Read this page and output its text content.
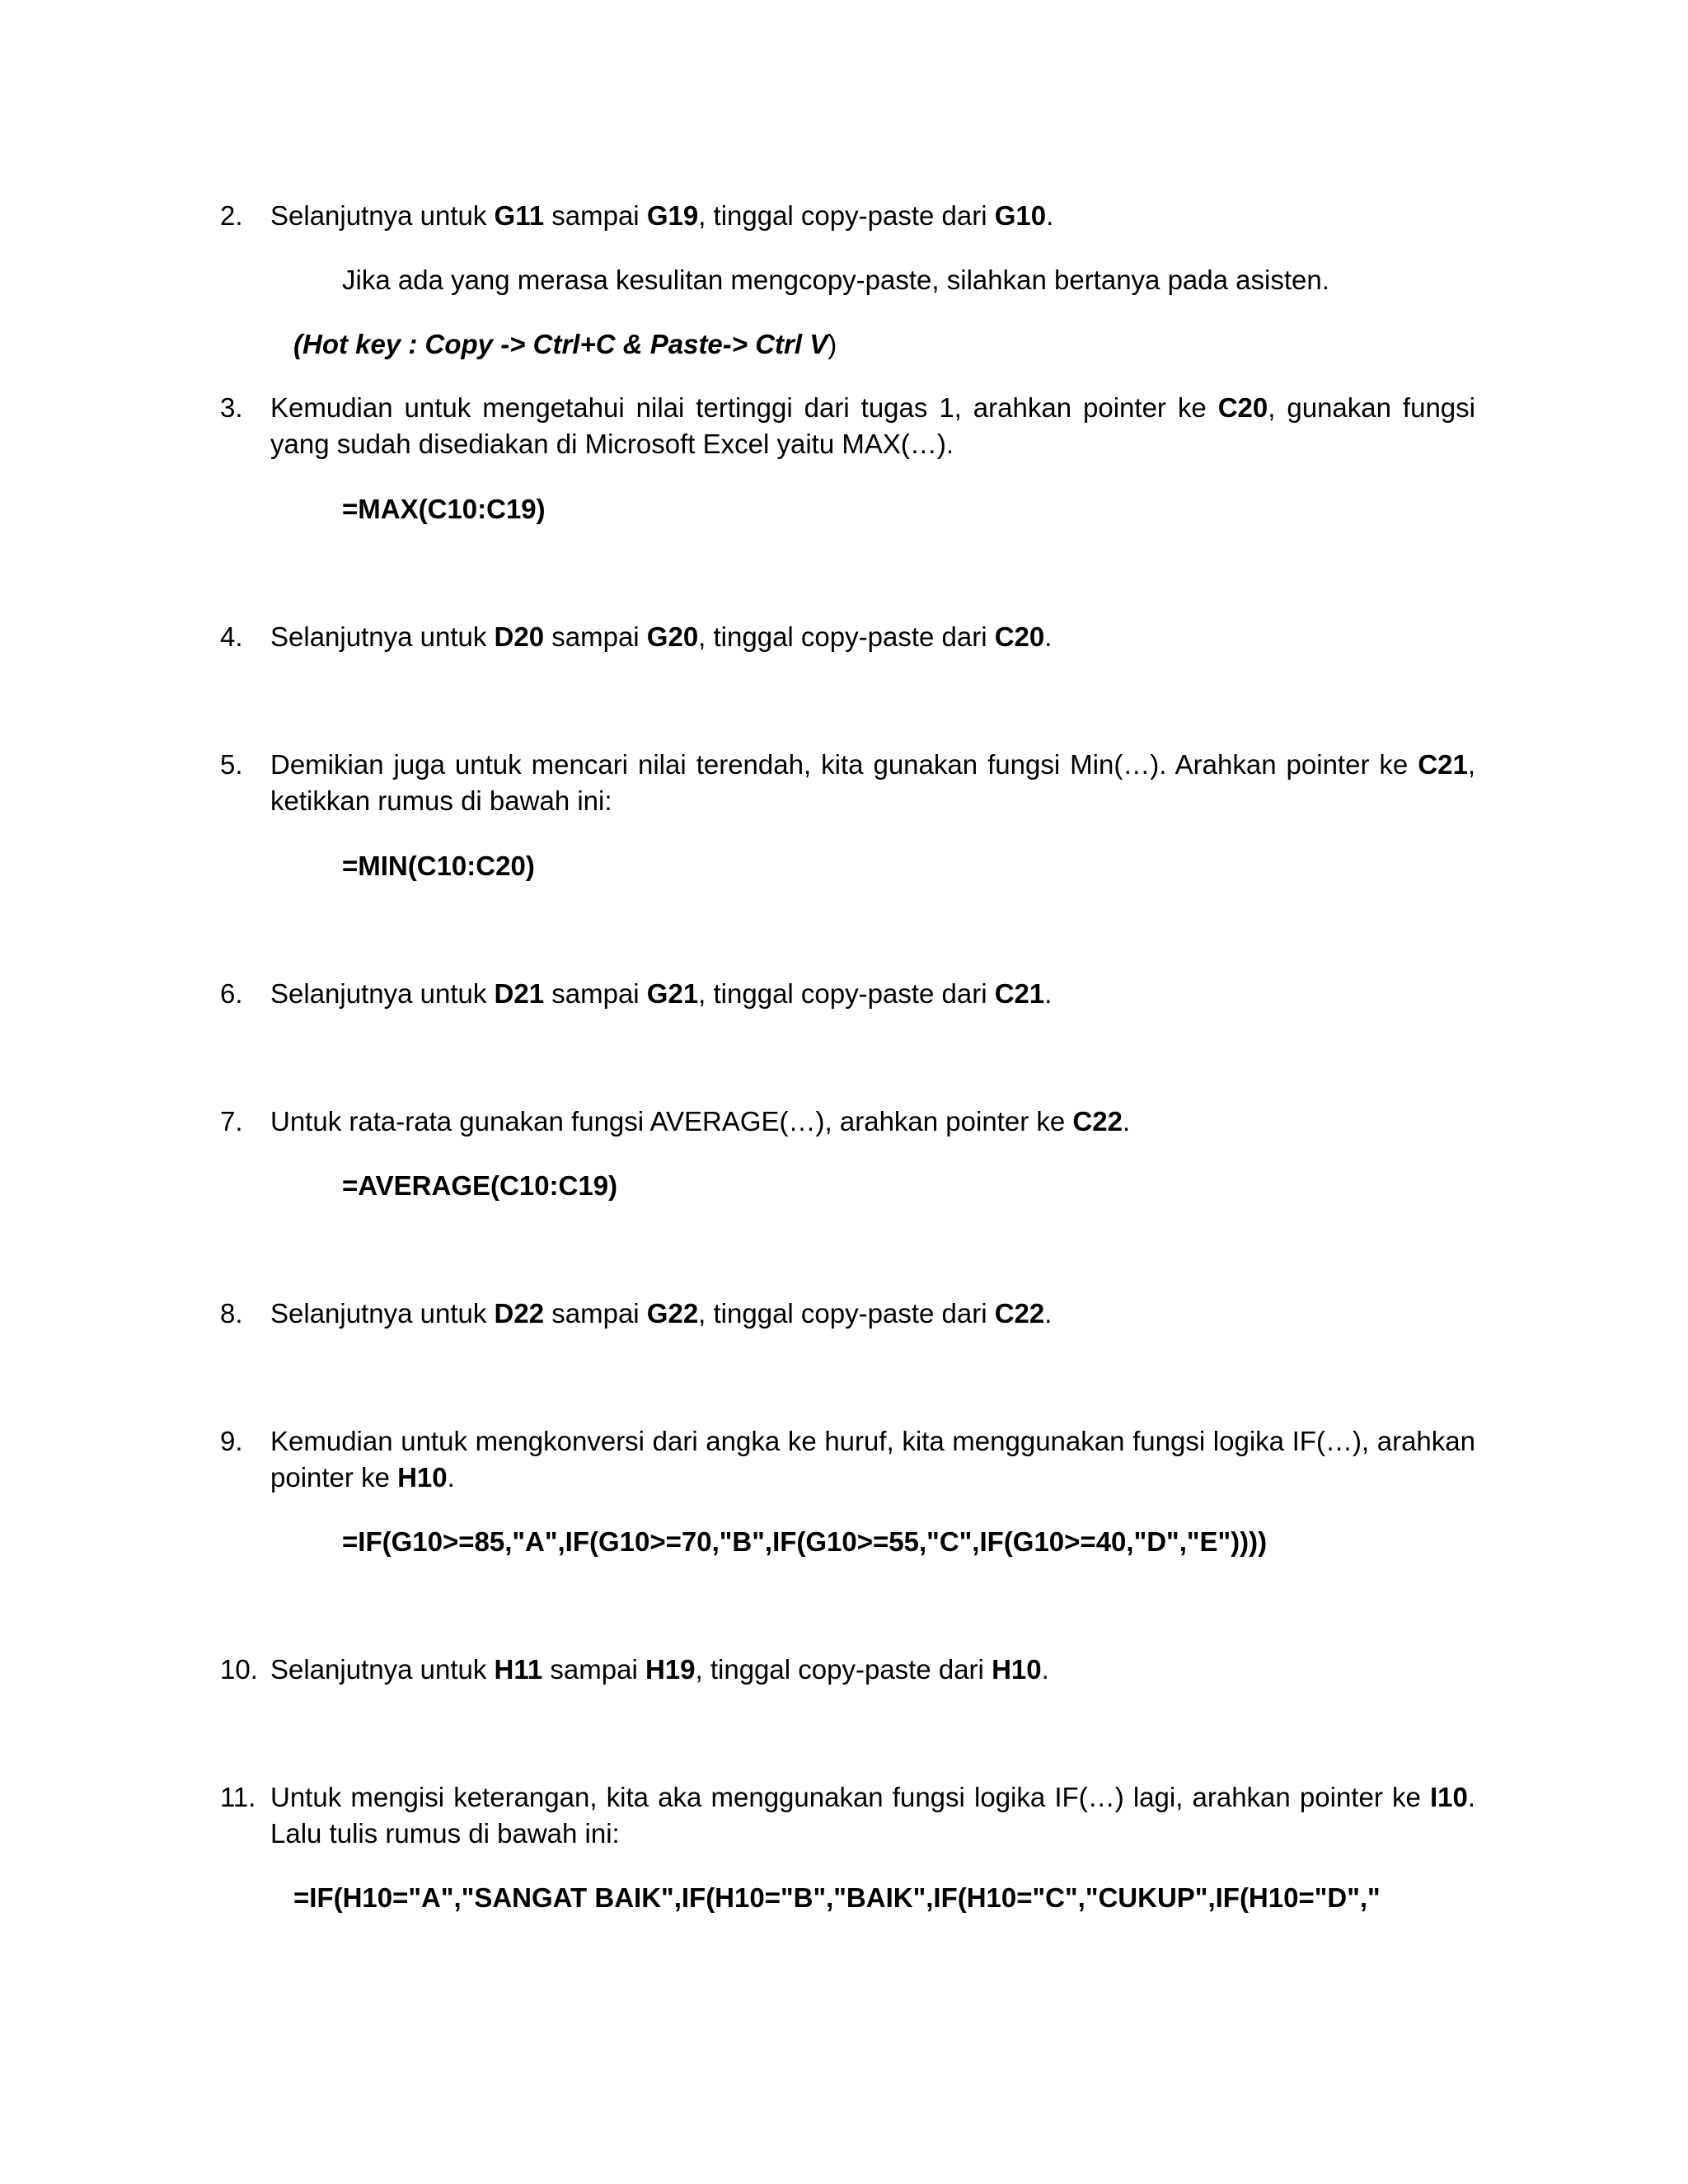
2. Selanjutnya untuk G11 sampai G19, tinggal copy-paste dari G10.
Jika ada yang merasa kesulitan mengcopy-paste, silahkan bertanya pada asisten.
(Hot key : Copy -> Ctrl+C & Paste-> Ctrl V)
3. Kemudian untuk mengetahui nilai tertinggi dari tugas 1, arahkan pointer ke C20, gunakan fungsi yang sudah disediakan di Microsoft Excel yaitu MAX(…).
=MAX(C10:C19)
4. Selanjutnya untuk D20 sampai G20, tinggal copy-paste dari C20.
5. Demikian juga untuk mencari nilai terendah, kita gunakan fungsi Min(…). Arahkan pointer ke C21, ketikkan rumus di bawah ini:
=MIN(C10:C20)
6. Selanjutnya untuk D21 sampai G21, tinggal copy-paste dari C21.
7. Untuk rata-rata gunakan fungsi AVERAGE(…), arahkan pointer ke C22.
=AVERAGE(C10:C19)
8. Selanjutnya untuk D22 sampai G22, tinggal copy-paste dari C22.
9. Kemudian untuk mengkonversi dari angka ke huruf, kita menggunakan fungsi logika IF(…), arahkan pointer ke H10.
=IF(G10>=85,"A",IF(G10>=70,"B",IF(G10>=55,"C",IF(G10>=40,"D","E"))))
10. Selanjutnya untuk H11 sampai H19, tinggal copy-paste dari H10.
11. Untuk mengisi keterangan, kita aka menggunakan fungsi logika IF(…) lagi, arahkan pointer ke I10. Lalu tulis rumus di bawah ini:
=IF(H10="A","SANGAT BAIK",IF(H10="B","BAIK",IF(H10="C","CUKUP",IF(H10="D","
